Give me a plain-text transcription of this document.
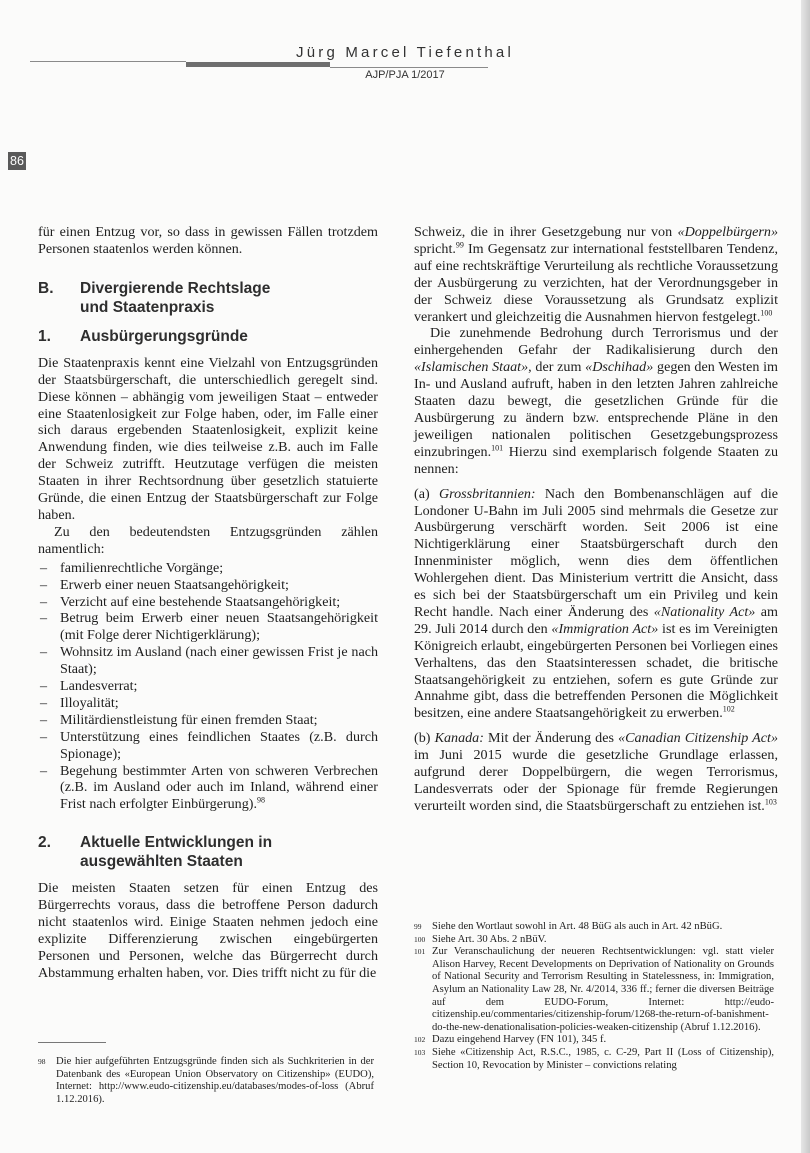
Jürg Marcel Tiefenthal
AJP/PJA 1/2017
86

für einen Entzug vor, so dass in gewissen Fällen trotzdem Personen staatenlos werden können.

B.	Divergierende Rechtslage und Staatenpraxis
1.	Ausbürgerungsgründe

Die Staatenpraxis kennt eine Vielzahl von Entzugsgründen der Staatsbürgerschaft, die unterschiedlich geregelt sind. Diese können – abhängig vom jeweiligen Staat – entweder eine Staatenlosigkeit zur Folge haben, oder, im Falle einer sich daraus ergebenden Staatenlosigkeit, explizit keine Anwendung finden, wie dies teilweise z.B. auch im Falle der Schweiz zutrifft. Heutzutage verfügen die meisten Staaten in ihrer Rechtsordnung über gesetzlich statuierte Gründe, die einen Entzug der Staatsbürgerschaft zur Folge haben.

Zu den bedeutendsten Entzugsgründen zählen namentlich:

– familienrechtliche Vorgänge;
– Erwerb einer neuen Staatsangehörigkeit;
– Verzicht auf eine bestehende Staatsangehörigkeit;
– Betrug beim Erwerb einer neuen Staatsangehörigkeit (mit Folge derer Nichtigerklärung);
– Wohnsitz im Ausland (nach einer gewissen Frist je nach Staat);
– Landesverrat;
– Illoyalität;
– Militärdienstleistung für einen fremden Staat;
– Unterstützung eines feindlichen Staates (z.B. durch Spionage);
– Begehung bestimmter Arten von schweren Verbrechen (z.B. im Ausland oder auch im Inland, während einer Frist nach erfolgter Einbürgerung).$^{98}$
2.	Aktuelle Entwicklungen in ausgewählten Staaten

Die meisten Staaten setzen für einen Entzug des Bürgerrechts voraus, dass die betroffene Person dadurch nicht staatenlos wird. Einige Staaten nehmen jedoch eine explizite Differenzierung zwischen eingebürgerten Personen und Personen, welche das Bürgerrecht durch Abstammung erhalten haben, vor. Dies trifft nicht zu für die

98 Die hier aufgeführten Entzugsgründe finden sich als Suchkriterien in der Datenbank des «European Union Observatory on Citizenship» (EUDO), Internet: http://www.eudo-citizenship.eu/databases/modes-of-loss (Abruf 1.12.2016).

Schweiz, die in ihrer Gesetzgebung nur von «Doppelbürgern» spricht.$^{99}$ Im Gegensatz zur international feststellbaren Tendenz, auf eine rechtskräftige Verurteilung als rechtliche Voraussetzung der Ausbürgerung zu verzichten, hat der Verordnungsgeber in der Schweiz diese Voraussetzung als Grundsatz explizit verankert und gleichzeitig die Ausnahmen hiervon festgelegt.$^{100}$

Die zunehmende Bedrohung durch Terrorismus und der einhergehenden Gefahr der Radikalisierung durch den «Islamischen Staat», der zum «Dschihad» gegen den Westen im In- und Ausland aufruft, haben in den letzten Jahren zahlreiche Staaten dazu bewegt, die gesetzlichen Gründe für die Ausbürgerung zu ändern bzw. entsprechende Pläne in den jeweiligen nationalen politischen Gesetzgebungsprozess einzubringen.$^{101}$ Hierzu sind exemplarisch folgende Staaten zu nennen:

(a) Grossbritannien: Nach den Bombenanschlägen auf die Londoner U-Bahn im Juli 2005 sind mehrmals die Gesetze zur Ausbürgerung verschärft worden. Seit 2006 ist eine Nichtigerklärung einer Staatsbürgerschaft durch den Innenminister möglich, wenn dies dem öffentlichen Wohlergehen dient. Das Ministerium vertritt die Ansicht, dass es sich bei der Staatsbürgerschaft um ein Privileg und kein Recht handle. Nach einer Änderung des «Nationality Act» am 29. Juli 2014 durch den «Immigration Act» ist es im Vereinigten Königreich erlaubt, eingebürgerten Personen bei Vorliegen eines Verhaltens, das den Staatsinteressen schadet, die britische Staatsangehörigkeit zu entziehen, sofern es gute Gründe zur Annahme gibt, dass die betreffenden Personen die Möglichkeit besitzen, eine andere Staatsangehörigkeit zu erwerben.$^{102}$

(b) Kanada: Mit der Änderung des «Canadian Citizenship Act» im Juni 2015 wurde die gesetzliche Grundlage erlassen, aufgrund derer Doppelbürgern, die wegen Terrorismus, Landesverrats oder der Spionage für fremde Regierungen verurteilt worden sind, die Staatsbürgerschaft zu entziehen ist.$^{103}$

99 Siehe den Wortlaut sowohl in Art. 48 BüG als auch in Art. 42 nBüG.
100 Siehe Art. 30 Abs. 2 nBüV.
101 Zur Veranschaulichung der neueren Rechtsentwicklungen: vgl. statt vieler Alison Harvey, Recent Developments on Deprivation of Nationality on Grounds of National Security and Terrorism Resulting in Statelessness, in: Immigration, Asylum an Nationality Law 28, Nr. 4/2014, 336 ff.; ferner die diversen Beiträge auf dem EUDO-Forum, Internet: http://eudo-citizenship.eu/commentaries/citizenship-forum/1268-the-return-of-banishment-do-the-new-denationalisation-policies-weaken-citizenship (Abruf 1.12.2016).
102 Dazu eingehend Harvey (FN 101), 345 f.
103 Siehe «Citizenship Act, R.S.C., 1985, c. C-29, Part II (Loss of Citizenship), Section 10, Revocation by Minister – convictions relating
